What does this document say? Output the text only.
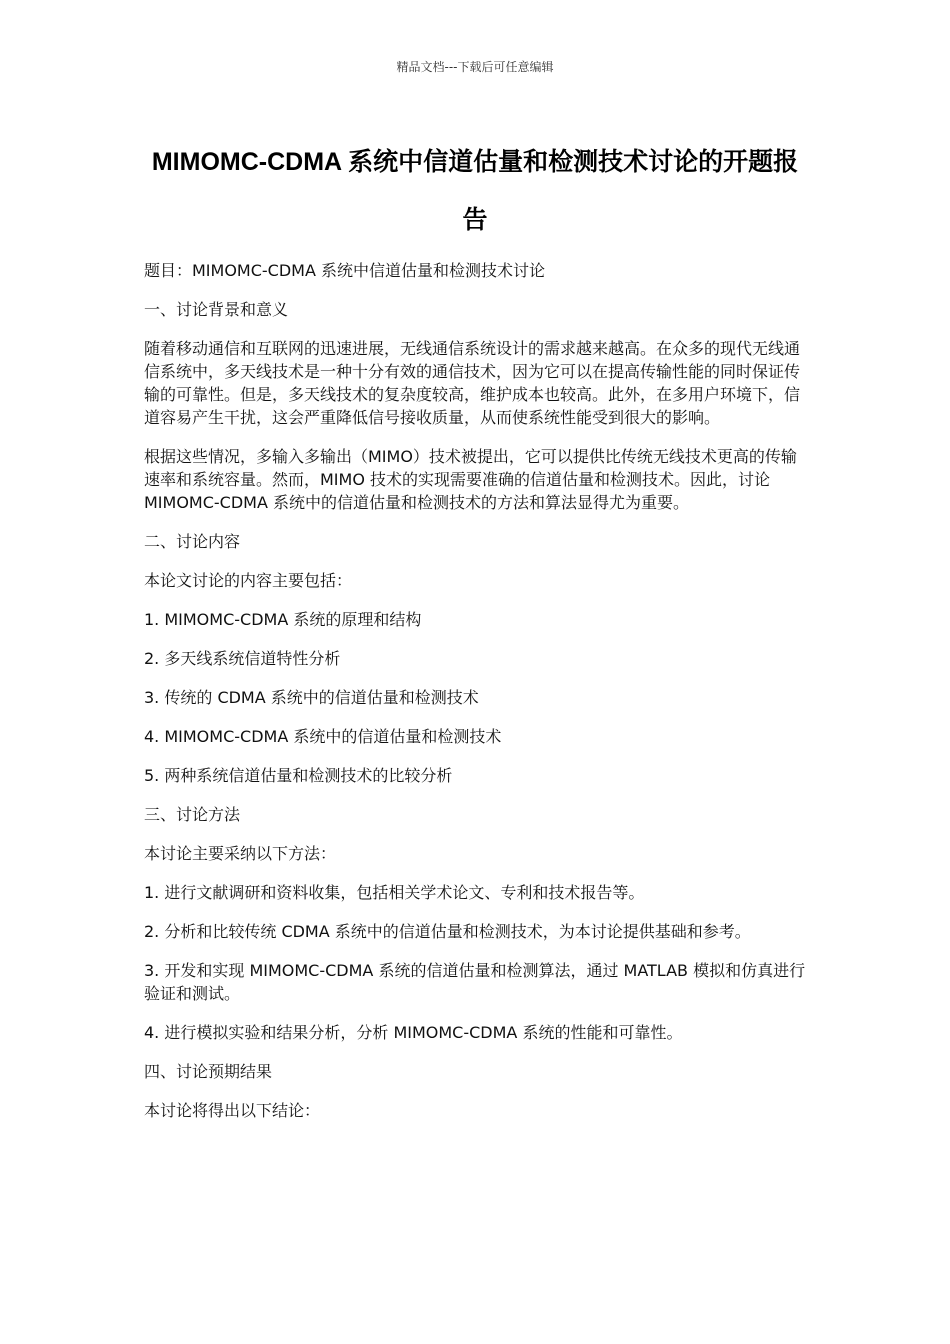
精品文档---下载后可任意编辑
MIMOMC-CDMA 系统中信道估量和检测技术讨论的开题报告

题目：MIMOMC-CDMA 系统中信道估量和检测技术讨论

一、讨论背景和意义

随着移动通信和互联网的迅速进展，无线通信系统设计的需求越来越高。在众多的现代无线通信系统中，多天线技术是一种十分有效的通信技术，因为它可以在提高传输性能的同时保证传输的可靠性。但是，多天线技术的复杂度较高，维护成本也较高。此外，在多用户环境下，信道容易产生干扰，这会严重降低信号接收质量，从而使系统性能受到很大的影响。

根据这些情况，多输入多输出（MIMO）技术被提出，它可以提供比传统无线技术更高的传输速率和系统容量。然而，MIMO 技术的实现需要准确的信道估量和检测技术。因此，讨论 MIMOMC-CDMA 系统中的信道估量和检测技术的方法和算法显得尤为重要。

二、讨论内容

本论文讨论的内容主要包括：

1. MIMOMC-CDMA 系统的原理和结构

2. 多天线系统信道特性分析

3. 传统的 CDMA 系统中的信道估量和检测技术

4. MIMOMC-CDMA 系统中的信道估量和检测技术

5. 两种系统信道估量和检测技术的比较分析

三、讨论方法

本讨论主要采纳以下方法：

1. 进行文献调研和资料收集，包括相关学术论文、专利和技术报告等。

2. 分析和比较传统 CDMA 系统中的信道估量和检测技术，为本讨论提供基础和参考。

3. 开发和实现 MIMOMC-CDMA 系统的信道估量和检测算法，通过 MATLAB 模拟和仿真进行验证和测试。

4. 进行模拟实验和结果分析，分析 MIMOMC-CDMA 系统的性能和可靠性。

四、讨论预期结果

本讨论将得出以下结论：
